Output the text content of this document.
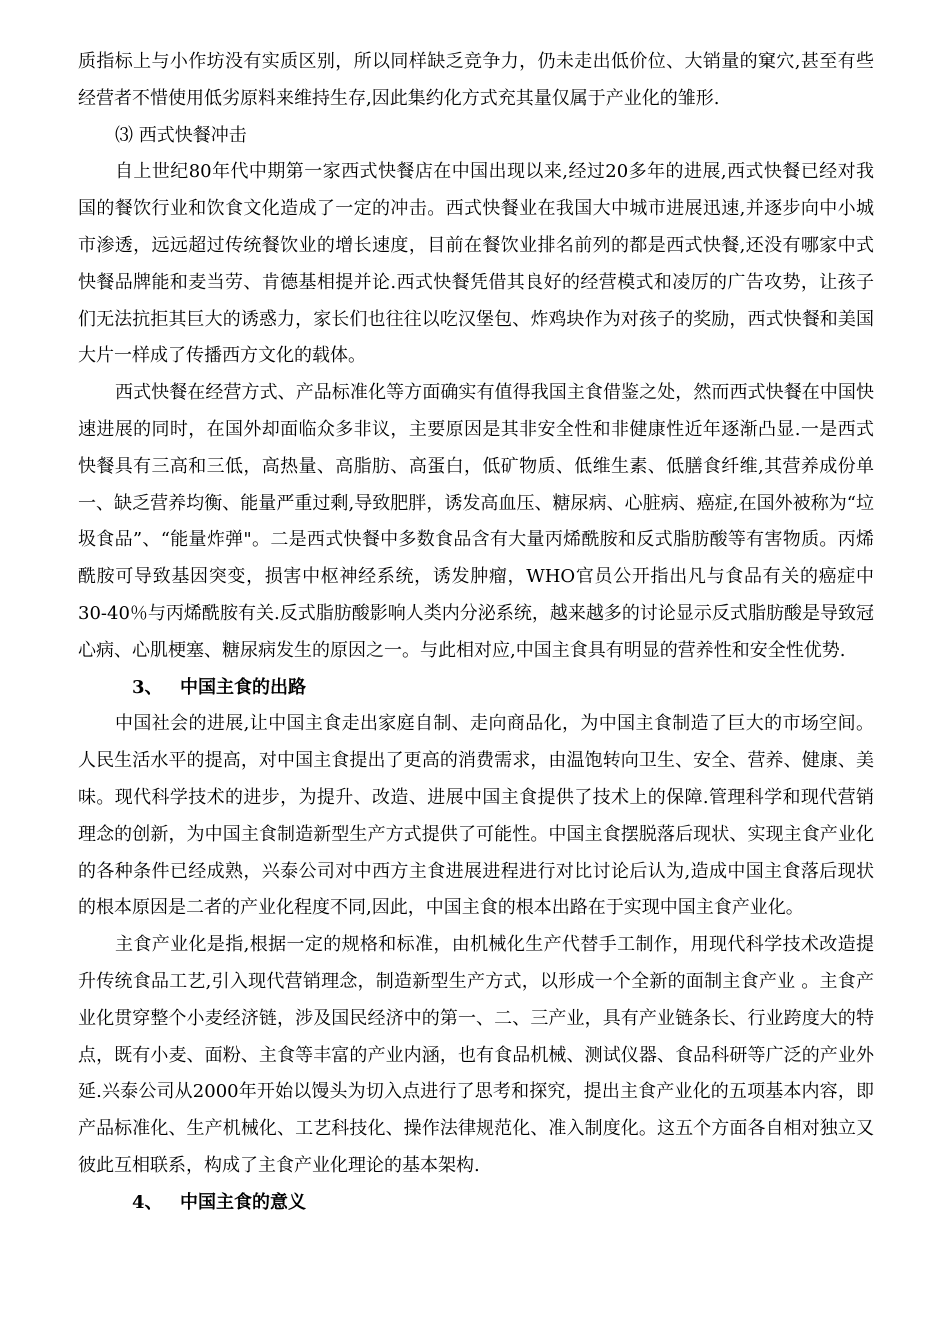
质指标上与小作坊没有实质区别，所以同样缺乏竞争力，仍未走出低价位、大销量的窠穴,甚至有些经营者不惜使用低劣原料来维持生存,因此集约化方式充其量仅属于产业化的雏形.

⑶ 西式快餐冲击

自上世纪80年代中期第一家西式快餐店在中国出现以来,经过20多年的进展,西式快餐已经对我国的餐饮行业和饮食文化造成了一定的冲击。西式快餐业在我国大中城市进展迅速,并逐步向中小城市渗透，远远超过传统餐饮业的增长速度，目前在餐饮业排名前列的都是西式快餐,还没有哪家中式快餐品牌能和麦当劳、肯德基相提并论.西式快餐凭借其良好的经营模式和凌厉的广告攻势，让孩子们无法抗拒其巨大的诱惑力，家长们也往往以吃汉堡包、炸鸡块作为对孩子的奖励，西式快餐和美国大片一样成了传播西方文化的载体。

西式快餐在经营方式、产品标准化等方面确实有值得我国主食借鉴之处，然而西式快餐在中国快速进展的同时，在国外却面临众多非议，主要原因是其非安全性和非健康性近年逐渐凸显.一是西式快餐具有三高和三低，高热量、高脂肪、高蛋白，低矿物质、低维生素、低膳食纤维,其营养成份单一、缺乏营养均衡、能量严重过剩,导致肥胖，诱发高血压、糖尿病、心脏病、癌症,在国外被称为“垃圾食品”、“能量炸弹"。二是西式快餐中多数食品含有大量丙烯酰胺和反式脂肪酸等有害物质。丙烯酰胺可导致基因突变，损害中枢神经系统，诱发肿瘤，WHO官员公开指出凡与食品有关的癌症中30-40％与丙烯酰胺有关.反式脂肪酸影响人类内分泌系统，越来越多的讨论显示反式脂肪酸是导致冠心病、心肌梗塞、糖尿病发生的原因之一。与此相对应,中国主食具有明显的营养性和安全性优势.

3、 中国主食的出路

中国社会的进展,让中国主食走出家庭自制、走向商品化，为中国主食制造了巨大的市场空间。人民生活水平的提高，对中国主食提出了更高的消费需求，由温饱转向卫生、安全、营养、健康、美味。现代科学技术的进步，为提升、改造、进展中国主食提供了技术上的保障.管理科学和现代营销理念的创新，为中国主食制造新型生产方式提供了可能性。中国主食摆脱落后现状、实现主食产业化的各种条件已经成熟，兴泰公司对中西方主食进展进程进行对比讨论后认为,造成中国主食落后现状的根本原因是二者的产业化程度不同,因此，中国主食的根本出路在于实现中国主食产业化。

主食产业化是指,根据一定的规格和标准，由机械化生产代替手工制作，用现代科学技术改造提升传统食品工艺,引入现代营销理念，制造新型生产方式，以形成一个全新的面制主食产业 。主食产业化贯穿整个小麦经济链，涉及国民经济中的第一、二、三产业，具有产业链条长、行业跨度大的特点，既有小麦、面粉、主食等丰富的产业内涵，也有食品机械、测试仪器、食品科研等广泛的产业外延.兴泰公司从2000年开始以馒头为切入点进行了思考和探究，提出主食产业化的五项基本内容，即产品标准化、生产机械化、工艺科技化、操作法律规范化、准入制度化。这五个方面各自相对独立又彼此互相联系，构成了主食产业化理论的基本架构.

4、 中国主食的意义
